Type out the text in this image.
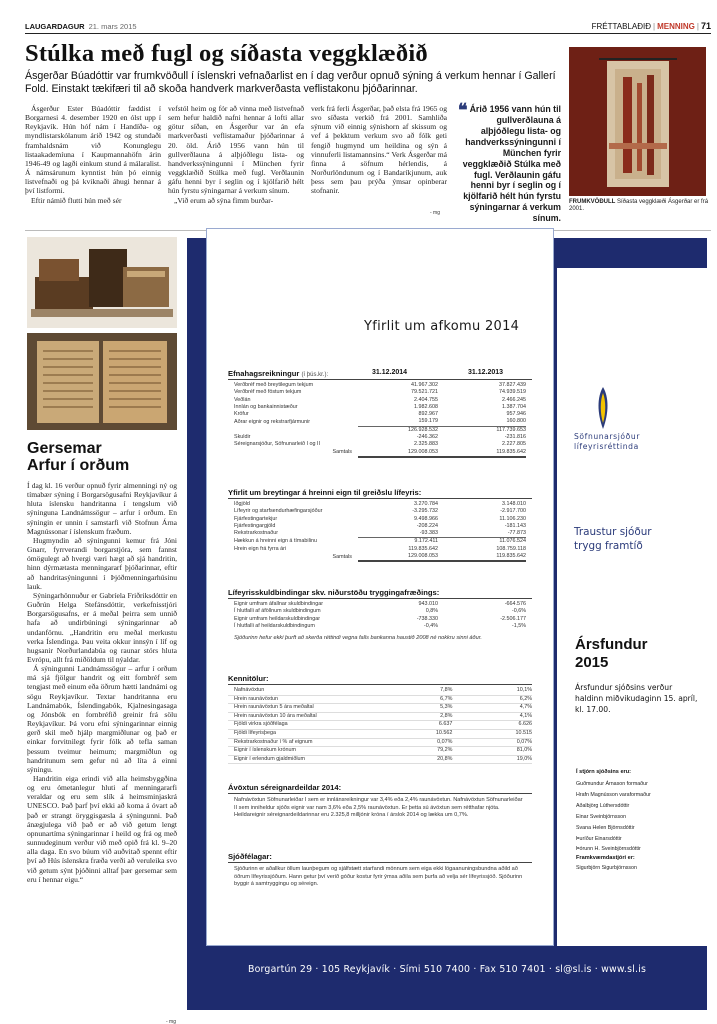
LAUGARDAGUR 21. mars 2015	FRÉTTABLAÐIÐ | MENNING | 71
Stúlka með fugl og síðasta veggklæðið

Ásgerðar Búadóttir var frumkvöðull í íslenskri vefnaðarlist en í dag verður opnuð sýning á verkum hennar í Gallerí Fold. Einstakt tækifæri til að skoða handverk markverðasta veflistakonu þjóðarinnar.

Ásgerður Ester Búadóttir fæddist í Borgarnesi 4. desember 1920 en ólst upp í Reykjavík. Hún hóf nám í Handíða- og myndlistarskólanum árið 1942 og stundaði framhaldsnám við Konunglegu listaakademíuna í Kaupmannahöfn árin 1946-49 og lagði einkum stund á málaralist. Á námsárunum kynntist hún þó einnig listvefnaði og þá kviknaði áhugi hennar á því listformi.

Eftir námið flutti hún með sér

vefstól heim og fór að vinna með listvefnað sem hefur haldið nafni hennar á lofti allar götur síðan, en Ásgerður var án efa markverðasti veflistamaður þjóðarinnar á 20. öld. Árið 1956 vann hún til gullverðlauna á alþjóðlegu lista- og handverkssýningunni í München fyrir veggklæðið Stúlka með fugl. Verðlaunin gáfu henni byr í seglin og í kjölfarið hélt hún fyrstu sýningarnar á verkum sínum.

„Við erum að sýna fimm burðar-

verk frá ferli Ásgerðar, það elsta frá 1965 og svo síðasta verkið frá 2001. Samhliða sýnum við einnig sýnishorn af skissum og vef á þekktum verkum svo að fólk geti fengið hugmynd um heildina og sýn á vinnuferli listamannsins.“ Verk Ásgerðar má finna á söfnum hérlendis, á Norðurlöndunum og í Bandaríkjunum, auk þess sem þau prýða ýmsar opinberar stofnanir.

- mg
❝ Árið 1956 vann hún til gullverðlauna á alþjóðlegu lista- og handverkssýningunni í München fyrir veggklæðið Stúlka með fugl. Verðlaunin gáfu henni byr í seglin og í kjölfarið hélt hún fyrstu sýningarnar á verkum sínum.
FRUMKVÖÐULL Síðasta veggklæði Ásgerðar er frá 2001.
Gersemar
Arfur í orðum

Í dag kl. 16 verður opnuð fyrir almenningi ný og tímabær sýning í Borgarsögusafni Reykjavíkur á hluta íslensku handritanna í tengslum við sýninguna Landnámssögur – arfur í orðum. En sýningin er unnin í samstarfi við Stofnun Árna Magnússonar í íslenskum fræðum.

Hugmyndin að sýningunni kemur frá Jóni Gnarr, fyrrverandi borgarstjóra, sem fannst ómögulegt að hvergi væri hægt að sjá handritin, hinn dýrmætasta menningararf þjóðarinnar, eftir að handritasýningunni í Þjóðmenningarhúsinu lauk.

Sýningarhönnuður er Gabríela Friðriksdóttir en Guðrún Helga Stefánsdóttir, verkefnisstjóri Borgarsögusafns, er á meðal þeirra sem unnið hafa að undirbúningi sýningarinnar að undanförnu. „Handritin eru meðal merkustu verka Íslendinga. Þau veita okkur innsýn í líf og hugsanir Norðurlandabúa og raunar stórs hluta Evrópu, allt frá miðöldum til nýaldar.

Á sýningunni Landnámssögur – arfur í orðum má sjá fjölgur handrit og eitt fornbréf sem tengjast með einum eða öðrum hætti landnámi og sögu Reykjavíkur. Textar handritanna eru Landnámabók, Íslendingabók, Kjalnesingasaga og Jónsbók en fornbréfið greinir frá sölu Reykjavíkur. Þá voru efni sýningarinnar einnig gerð skil með hjálp margmiðlunar og það er einkar forvitnilegt fyrir fólk að tefla saman þessum tveimur heimum; margmiðlun og handritunum sem gefur nú að líta á einni sýningu.

Handritin eiga erindi við alla heimsbyggðina og eru ómetanlegur hluti af menningararfi veraldar og eru sem slík á heimsminjaskrá UNESCO. Það þarf því ekki að koma á óvart að það er strangt öryggisgæsla á sýningunni. Það ánægjulega við það er að við getum lengt opnunartíma sýningarinnar í heild og frá og með sunnudeginum verður við með opið frá kl. 9–20 alla daga. En svo búum við auðvitað spennt eftir því að Hús íslenskra fræða verði að veruleika svo við getum sýnt þjóðinni alltaf þær gersemar sem eru í hennar eigu.“

- mg
Yfirlit um afkomu 2014
Efnahagsreikningur (í þús.kr.):	31.12.2014	31.12.2013
Verðbréf með breytilegum tekjum	41.967.302	37.827.439	
Verðbréf með föstum tekjum	79.521.721	74.939.519	
Veðlán	2.404.755	2.466.245	
Innlán og bankainnistæður	1.982.608	1.387.704	
Kröfur	892.967	957.946	
Aðrar eignir og rekstrarfjármunir	159.179	160.800	
	126.928.532	117.739.653	
Skuldir	-246.362	-231.816	
Séreignarsjóður, Söfnunarleið I og II	2.325.883	2.227.805	
Samtals	129.008.053	119.835.642	
Yfirlit um breytingar á hreinni eign til greiðslu lífeyris:
Iðgjöld	3.270.784	3.148.010	
Lífeyrir og starfsendurhæfingarsjóður	-3.295.732	-2.917.700	
Fjárfestingartekjur	9.498.966	11.106.230	
Fjárfestingargjöld	-208.224	-181.143	
Rekstrarkostnaður	-93.383	-77.873	
Hækkun á hreinni eign á tímabilinu	9.172.411	11.076.524	
Hrein eign frá fyrra ári	119.835.642	108.759.118	
Samtals	129.008.053	119.835.642	
Lífeyrisskuldbindingar skv. niðurstöðu tryggingafræðings:
Eignir umfram áfallnar skuldbindingar	943.010	-664.576	
Í hlutfalli af áföllnum skuldbindingum	0,8%	-0,6%	
Eignir umfram heildarskuldbindingar	-738.330	-2.506.177	
Í hlutfalli af heildarskuldbindingum	-0,4%	-1,5%	
Sjóðurinn hefur ekki þurft að skerða réttindi vegna falls bankanna haustið 2008 né nokkru sinni áður.
Kennitölur:
Nafnávöxtun	7,8%	10,1%
Hrein raunávöxtun	6,7%	6,2%
Hrein raunávöxtun 5 ára meðaltal	5,3%	4,7%
Hrein raunávöxtun 10 ára meðaltal	2,8%	4,1%
Fjöldi virkra sjóðfélaga	6.637	6.626
Fjöldi lífeyrisþega	10.562	10.515
Rekstrarkostnaður í % af eignum	0,07%	0,07%
Eignir í íslenskum krónum	79,2%	81,0%
Eignir í erlendum gjaldmiðlum	20,8%	19,0%
Ávöxtun séreignardeildar 2014:
Nafnávöxtun Söfnunarleiðar I sem er innlánsreikningur var 3,4% eða 2,4% raunávöxtun. Nafnávöxtun Söfnunarleiðar II sem inniheldur sjóðs eignir var nam 3,6% eða 2,5% raunávöxtun. Er þetta sú ávöxtun sem rétthafar njóta. Heildareignir séreignardeildarinnar eru 2.325,8 milljónir króna í árslok 2014 og lækka um 0,7%.
Sjóðfélagar:
Sjóðurinn er aðallkur öllum launþegum og sjálfstætt starfandi mönnum sem eiga ekki lögaanuningsbundna aðild að öðrum lífeyrissjóðum. Hann getur því verið góður kostur fyrir ýmsa aðila sem þurfa að velja sér lífeyrissjóð. Sjóðurinn byggir á samtryggingu og séreign.
Söfnunarsjóður
lífeyrisréttinda
Traustur sjóður
trygg framtíð
Ársfundur
2015
Ársfundur sjóðsins verður haldinn miðvikudaginn 15. apríl, kl. 17.00.
Í stjórn sjóðsins eru:
Guðmundur Árnason formaður
Hrafn Magnússon varaformaður
Aðalbjörg Lúthersdóttir
Einar Sveinbjörnsson
Svana Helen Björnsdóttir
Þuríður Einarsdóttir
Þórunn H. Sveinbjörnsdóttir
Framkvæmdastjóri er:
Sigurbjörn Sigurbjörnsson
Borgartún 29 · 105 Reykjavík · Sími 510 7400 · Fax 510 7401 · sl@sl.is · www.sl.is
